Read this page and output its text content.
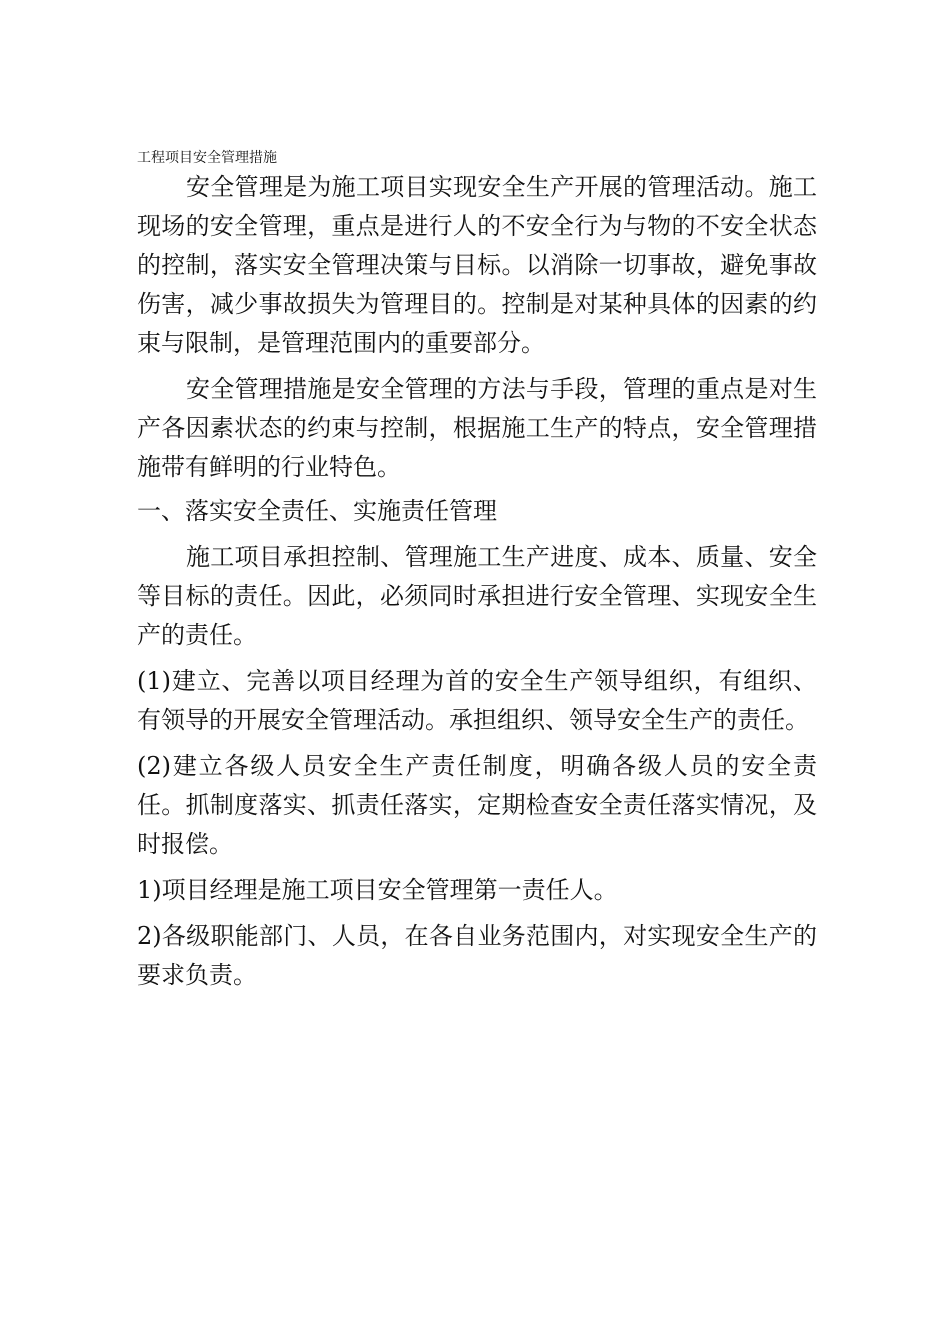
工程项目安全管理措施

安全管理是为施工项目实现安全生产开展的管理活动。施工现场的安全管理，重点是进行人的不安全行为与物的不安全状态的控制，落实安全管理决策与目标。以消除一切事故，避免事故伤害，减少事故损失为管理目的。控制是对某种具体的因素的约束与限制，是管理范围内的重要部分。

安全管理措施是安全管理的方法与手段，管理的重点是对生产各因素状态的约束与控制，根据施工生产的特点，安全管理措施带有鲜明的行业特色。

一、落实安全责任、实施责任管理

施工项目承担控制、管理施工生产进度、成本、质量、安全等目标的责任。因此，必须同时承担进行安全管理、实现安全生产的责任。

(1)建立、完善以项目经理为首的安全生产领导组织，有组织、有领导的开展安全管理活动。承担组织、领导安全生产的责任。

(2)建立各级人员安全生产责任制度，明确各级人员的安全责任。抓制度落实、抓责任落实，定期检查安全责任落实情况，及时报偿。

1)项目经理是施工项目安全管理第一责任人。

2)各级职能部门、人员，在各自业务范围内，对实现安全生产的要求负责。
